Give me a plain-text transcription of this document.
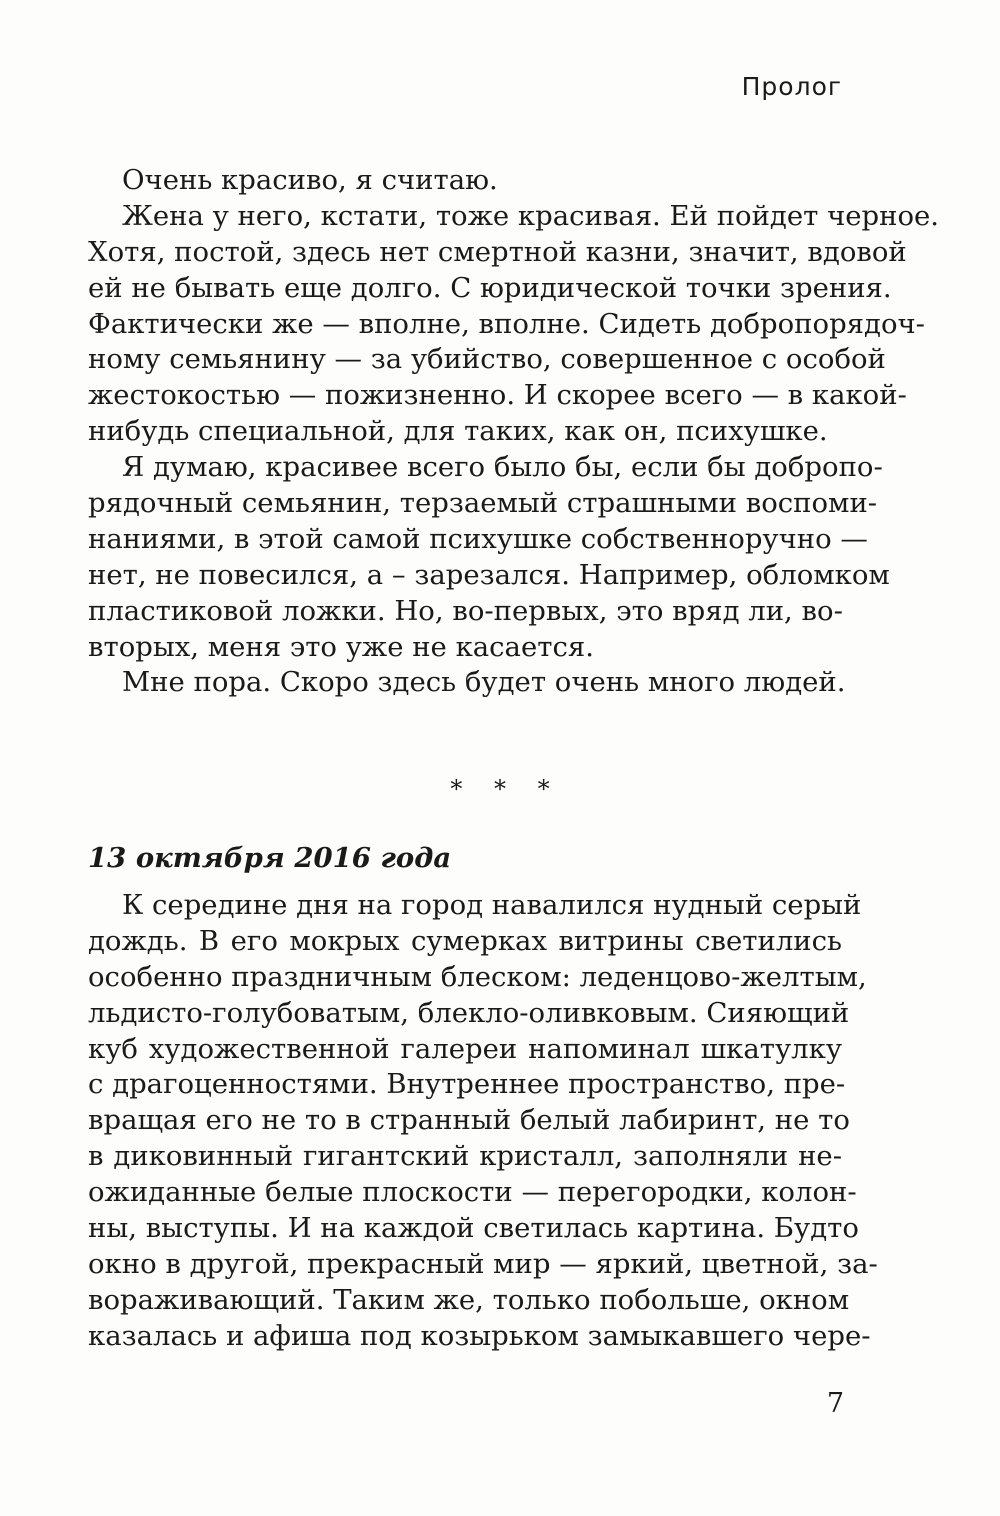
Пролог
Очень красиво, я считаю.
Жена у него, кстати, тоже красивая. Ей пойдет черное.
Хотя, постой, здесь нет смертной казни, значит, вдовой
ей не бывать еще долго. С юридической точки зрения.
Фактически же — вполне, вполне. Сидеть добропорядоч-
ному семьянину — за убийство, совершенное с особой
жестокостью — пожизненно. И скорее всего — в какой-
нибудь специальной, для таких, как он, психушке.
Я думаю, красивее всего было бы, если бы добропо-
рядочный семьянин, терзаемый страшными воспоми-
наниями, в этой самой психушке собственноручно —
нет, не повесился, а – зарезался. Например, обломком
пластиковой ложки. Но, во-первых, это вряд ли, во-
вторых, меня это уже не касается.
Мне пора. Скоро здесь будет очень много людей.
* * *
13 октября 2016 года
К середине дня на город навалился нудный серый
дождь. В его мокрых сумерках витрины светились
особенно праздничным блеском: леденцово-желтым,
льдисто-голубоватым, блекло-оливковым. Сияющий
куб художественной галереи напоминал шкатулку
с драгоценностями. Внутреннее пространство, пре-
вращая его не то в странный белый лабиринт, не то
в диковинный гигантский кристалл, заполняли не-
ожиданные белые плоскости — перегородки, колон-
ны, выступы. И на каждой светилась картина. Будто
окно в другой, прекрасный мир — яркий, цветной, за-
вораживающий. Таким же, только побольше, окном
казалась и афиша под козырьком замыкавшего чере-
7
